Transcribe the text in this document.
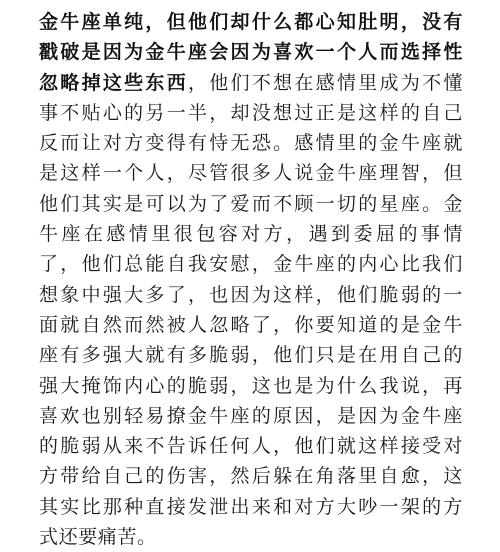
金牛座单纯，但他们却什么都心知肚明，没有
戳破是因为金牛座会因为喜欢一个人而选择性
忽略掉这些东西，他们不想在感情里成为不懂
事不贴心的另一半，却没想过正是这样的自己
反而让对方变得有恃无恐。感情里的金牛座就
是这样一个人，尽管很多人说金牛座理智，但
他们其实是可以为了爱而不顾一切的星座。金
牛座在感情里很包容对方，遇到委屈的事情
了，他们总能自我安慰，金牛座的内心比我们
想象中强大多了，也因为这样，他们脆弱的一
面就自然而然被人忽略了，你要知道的是金牛
座有多强大就有多脆弱，他们只是在用自己的
强大掩饰内心的脆弱，这也是为什么我说，再
喜欢也别轻易撩金牛座的原因，是因为金牛座
的脆弱从来不告诉任何人，他们就这样接受对
方带给自己的伤害，然后躲在角落里自愈，这
其实比那种直接发泄出来和对方大吵一架的方
式还要痛苦。
